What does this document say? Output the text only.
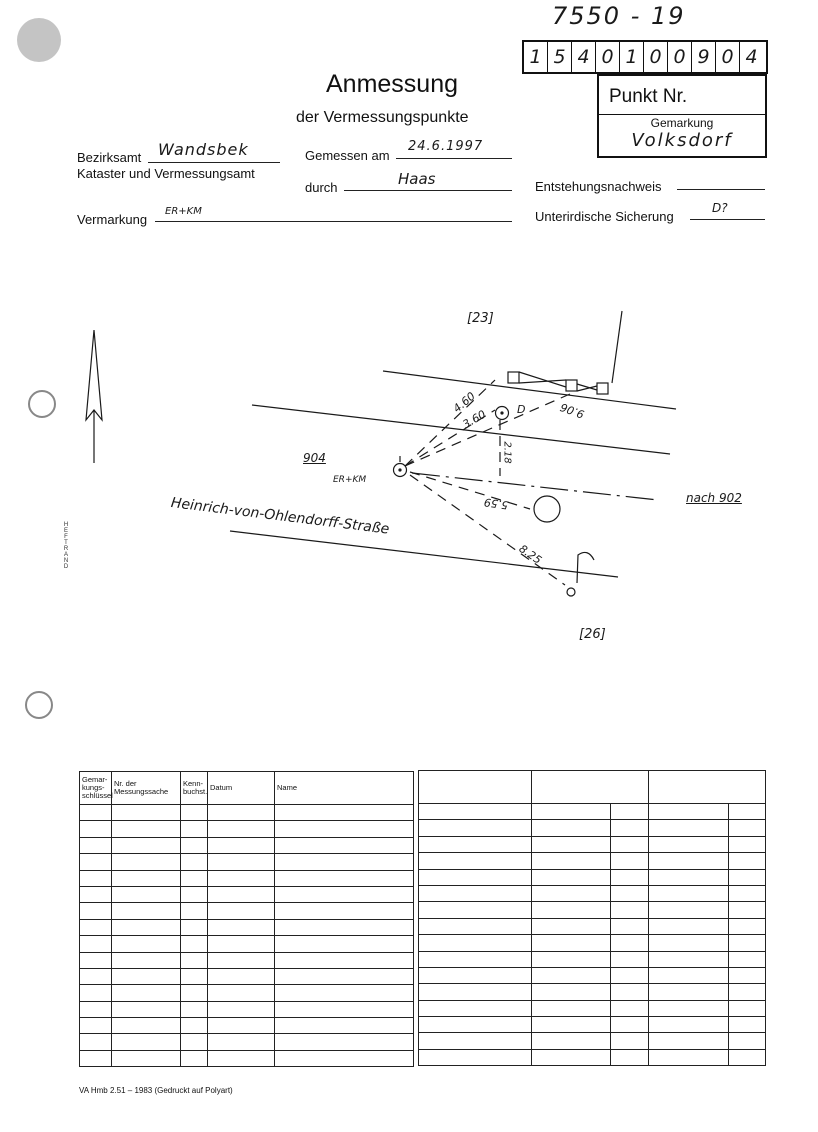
7550 - 19
1 5 4 0 1 0 0 9 0 4
Punkt Nr.
Gemarkung
Volksdorf
Anmessung
der Vermessungspunkte
Bezirksamt Wandsbek
Kataster und Vermessungsamt
Gemessen am
24.6.1997
durch	Haas	Entstehungsnachweis
Vermarkung
ER+KM	Unterirdische Sicherung
D?
HEFTRAND
[23]
[26]
904
ER+KM
4.60
3.60	D	9.06
2.18
5.59
8.25
nach 902
Heinrich-von-Ohlendorff-Straße
Gemar-kungs-schlüssel	Nr. der Messungssache	Kenn-buchst.	Datum	Name

VA Hmb 2.51 – 1983 (Gedruckt auf Polyart)
